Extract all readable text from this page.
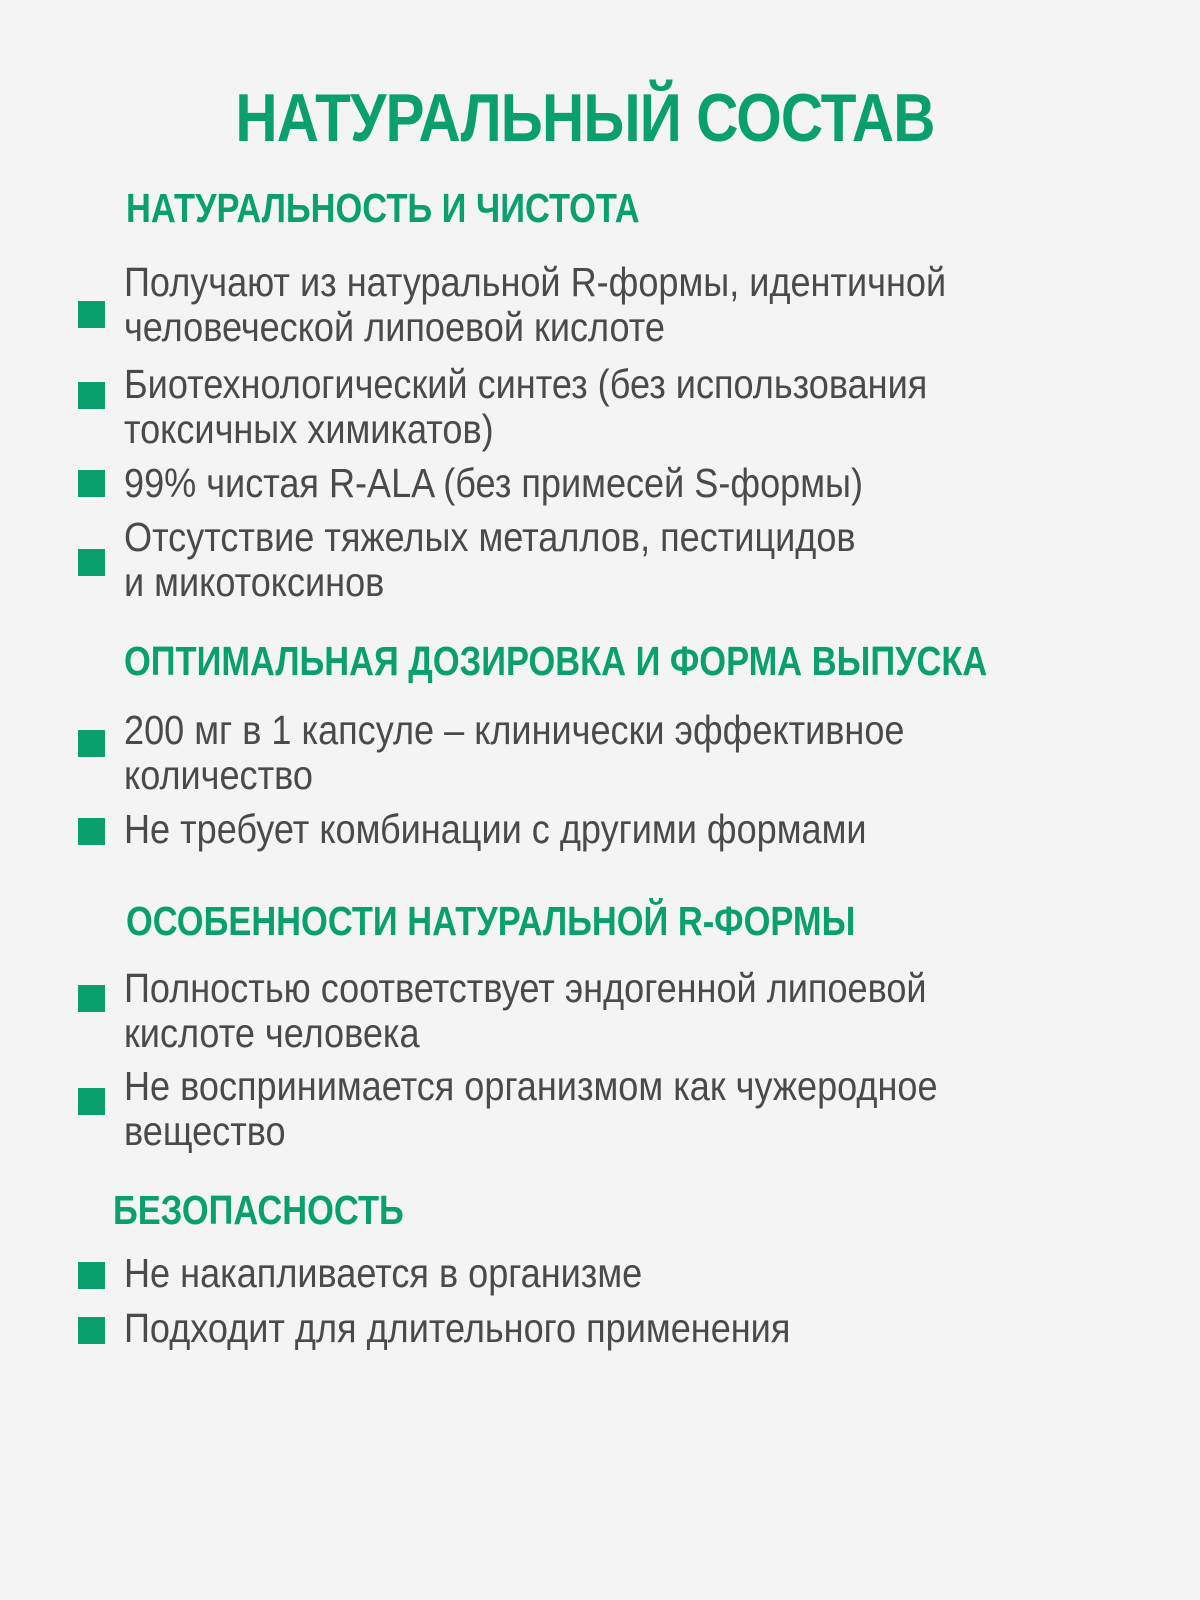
НАТУРАЛЬНЫЙ СОСТАВ
НАТУРАЛЬНОСТЬ И ЧИСТОТА

Получают из натуральной R-формы, идентичной
человеческой липоевой кислоте

Биотехнологический синтез (без использования
токсичных химикатов)

99% чистая R-ALA (без примесей S-формы)

Отсутствие тяжелых металлов, пестицидов
и микотоксинов

ОПТИМАЛЬНАЯ ДОЗИРОВКА И ФОРМА ВЫПУСКА

200 мг в 1 капсуле – клинически эффективное
количество

Не требует комбинации с другими формами

ОСОБЕННОСТИ НАТУРАЛЬНОЙ R-ФОРМЫ

Полностью соответствует эндогенной липоевой
кислоте человека

Не воспринимается организмом как чужеродное
вещество

БЕЗОПАСНОСТЬ

Не накапливается в организме

Подходит для длительного применения
